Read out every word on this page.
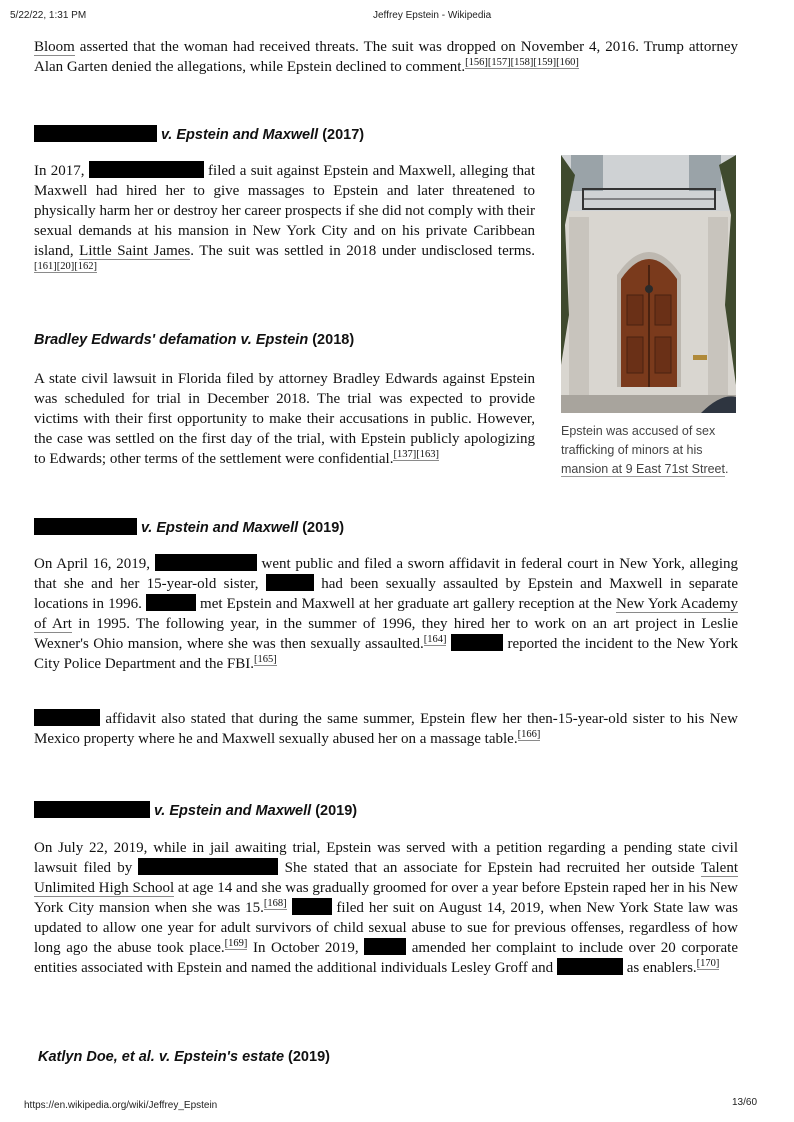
5/22/22, 1:31 PM	Jeffrey Epstein - Wikipedia
Bloom asserted that the woman had received threats. The suit was dropped on November 4, 2016. Trump attorney Alan Garten denied the allegations, while Epstein declined to comment.[156][157][158][159][160]
v. Epstein and Maxwell (2017)
In 2017,	filed a suit against Epstein and Maxwell, alleging that Maxwell had hired her to give massages to Epstein and later threatened to physically harm her or destroy her career prospects if she did not comply with their sexual demands at his mansion in New York City and on his private Caribbean island, Little Saint James. The suit was settled in 2018 under undisclosed terms.[161][20][162]
Epstein was accused of sex trafficking of minors at his mansion at 9 East 71st Street.
Bradley Edwards' defamation v. Epstein (2018)
A state civil lawsuit in Florida filed by attorney Bradley Edwards against Epstein was scheduled for trial in December 2018. The trial was expected to provide victims with their first opportunity to make their accusations in public. However, the case was settled on the first day of the trial, with Epstein publicly apologizing to Edwards; other terms of the settlement were confidential.[137][163]
v. Epstein and Maxwell (2019)
On April 16, 2019,	went public and filed a sworn affidavit in federal court in New York, alleging that she and her 15-year-old sister,	had been sexually assaulted by Epstein and Maxwell in separate locations in 1996.	met Epstein and Maxwell at her graduate art gallery reception at the New York Academy of Art in 1995. The following year, in the summer of 1996, they hired her to work on an art project in Leslie Wexner's Ohio mansion, where she was then sexually assaulted.[164]	reported the incident to the New York City Police Department and the FBI.[165]
affidavit also stated that during the same summer, Epstein flew her then-15-year-old sister to his New Mexico property where he and Maxwell sexually abused her on a massage table.[166]
v. Epstein and Maxwell (2019)
On July 22, 2019, while in jail awaiting trial, Epstein was served with a petition regarding a pending state civil lawsuit filed by	She stated that an associate for Epstein had recruited her outside Talent Unlimited High School at age 14 and she was gradually groomed for over a year before Epstein raped her in his New York City mansion when she was 15.[168]	filed her suit on August 14, 2019, when New York State law was updated to allow one year for adult survivors of child sexual abuse to sue for previous offenses, regardless of how long ago the abuse took place.[169] In October 2019,	amended her complaint to include over 20 corporate entities associated with Epstein and named the additional individuals Lesley Groff and	as enablers.[170]
Katlyn Doe, et al. v. Epstein's estate (2019)
https://en.wikipedia.org/wiki/Jeffrey_Epstein	13/60
